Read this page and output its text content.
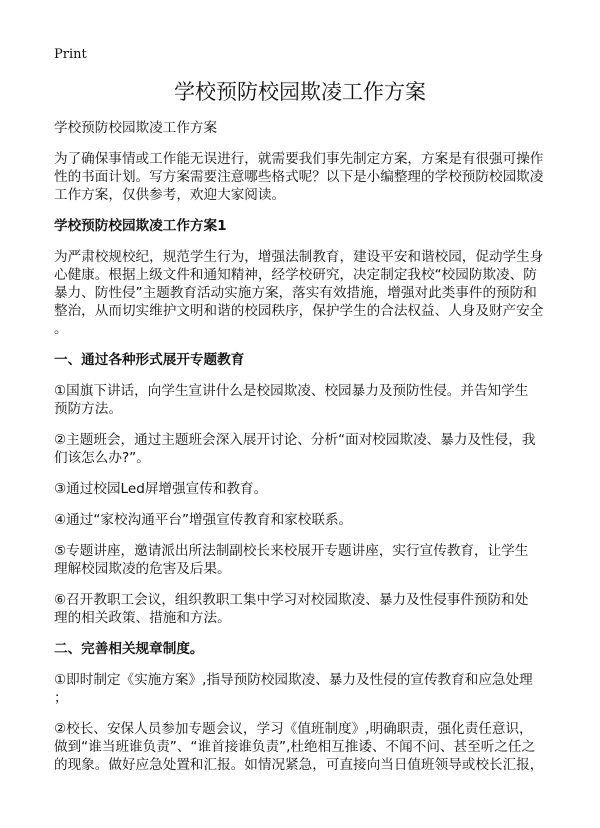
Print
学校预防校园欺凌工作方案
学校预防校园欺凌工作方案
为了确保事情或工作能无误进行，就需要我们事先制定方案，方案是有很强可操作
性的书面计划。写方案需要注意哪些格式呢？以下是小编整理的学校预防校园欺凌
工作方案，仅供参考，欢迎大家阅读。
学校预防校园欺凌工作方案1
为严肃校规校纪，规范学生行为，增强法制教育，建设平安和谐校园，促动学生身
心健康。根据上级文件和通知精神，经学校研究，决定制定我校“校园防欺凌、防
暴力、防性侵”主题教育活动实施方案，落实有效措施，增强对此类事件的预防和
整治，从而切实维护文明和谐的校园秩序，保护学生的合法权益、人身及财产安全
。
一、通过各种形式展开专题教育
①国旗下讲话，向学生宣讲什么是校园欺凌、校园暴力及预防性侵。并告知学生
预防方法。
②主题班会，通过主题班会深入展开讨论、分析“面对校园欺凌、暴力及性侵，我
们该怎么办?”。
③通过校园Led屏增强宣传和教育。
④通过“家校沟通平台”增强宣传教育和家校联系。
⑤专题讲座，邀请派出所法制副校长来校展开专题讲座，实行宣传教育，让学生
理解校园欺凌的危害及后果。
⑥召开教职工会议，组织教职工集中学习对校园欺凌、暴力及性侵事件预防和处
理的相关政策、措施和方法。
二、完善相关规章制度。
①即时制定《实施方案》,指导预防校园欺凌、暴力及性侵的宣传教育和应急处理
；
②校长、安保人员参加专题会议，学习《值班制度》,明确职责，强化责任意识，
做到“谁当班谁负责”、“谁首接谁负责”,杜绝相互推诿、不闻不问、甚至听之任之
的现象。做好应急处置和汇报。如情况紧急，可直接向当日值班领导或校长汇报，
